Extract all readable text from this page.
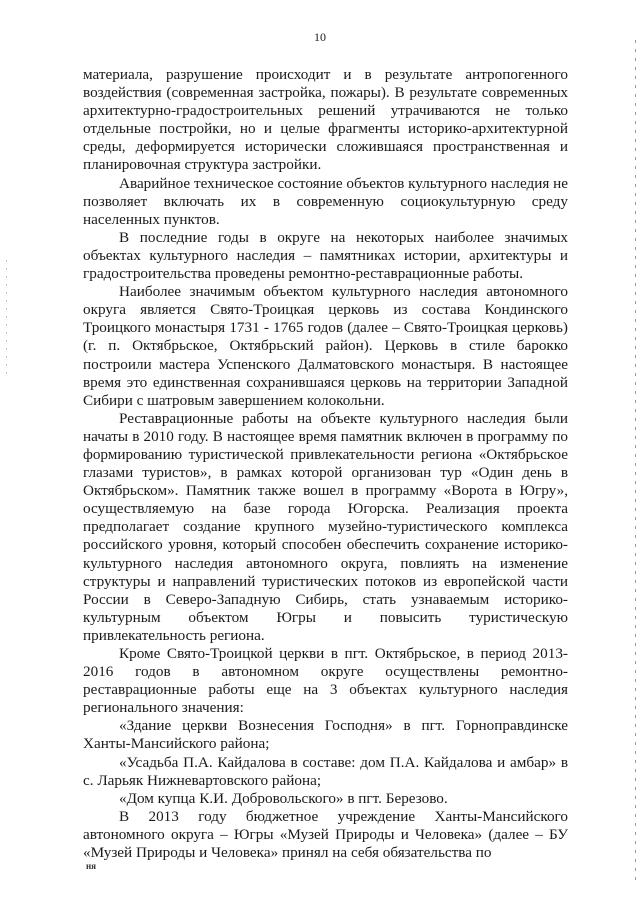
10

материала, разрушение происходит и в результате антропогенного воздействия (современная застройка, пожары). В результате современных архитектурно-градостроительных решений утрачиваются не только отдельные постройки, но и целые фрагменты историко-архитектурной среды, деформируется исторически сложившаяся пространственная и планировочная структура застройки.

Аварийное техническое состояние объектов культурного наследия не позволяет включать их в современную социокультурную среду населенных пунктов.

В последние годы в округе на некоторых наиболее значимых объектах культурного наследия – памятниках истории, архитектуры и градостроительства проведены ремонтно-реставрационные работы.

Наиболее значимым объектом культурного наследия автономного округа является Свято-Троицкая церковь из состава Кондинского Троицкого монастыря 1731 - 1765 годов (далее – Свято-Троицкая церковь) (г. п. Октябрьское, Октябрьский район). Церковь в стиле барокко построили мастера Успенского Далматовского монастыря. В настоящее время это единственная сохранившаяся церковь на территории Западной Сибири с шатровым завершением колокольни.

Реставрационные работы на объекте культурного наследия были начаты в 2010 году. В настоящее время памятник включен в программу по формированию туристической привлекательности региона «Октябрьское глазами туристов», в рамках которой организован тур «Один день в Октябрьском». Памятник также вошел в программу «Ворота в Югру», осуществляемую на базе города Югорска. Реализация проекта предполагает создание крупного музейно-туристического комплекса российского уровня, который способен обеспечить сохранение историко-культурного наследия автономного округа, повлиять на изменение структуры и направлений туристических потоков из европейской части России в Северо-Западную Сибирь, стать узнаваемым историко-культурным объектом Югры и повысить туристическую привлекательность региона.

Кроме Свято-Троицкой церкви в пгт. Октябрьское, в период 2013-2016 годов в автономном округе осуществлены ремонтно-реставрационные работы еще на 3 объектах культурного наследия регионального значения:

«Здание церкви Вознесения Господня» в пгт. Горноправдинске Ханты-Мансийского района;

«Усадьба П.А. Кайдалова в составе: дом П.А. Кайдалова и амбар» в с. Ларьяк Нижневартовского района;

«Дом купца К.И. Добровольского» в пгт. Березово.

В 2013 году бюджетное учреждение Ханты-Мансийского автономного округа – Югры «Музей Природы и Человека» (далее – БУ «Музей Природы и Человека» принял на себя обязательства по

ня
